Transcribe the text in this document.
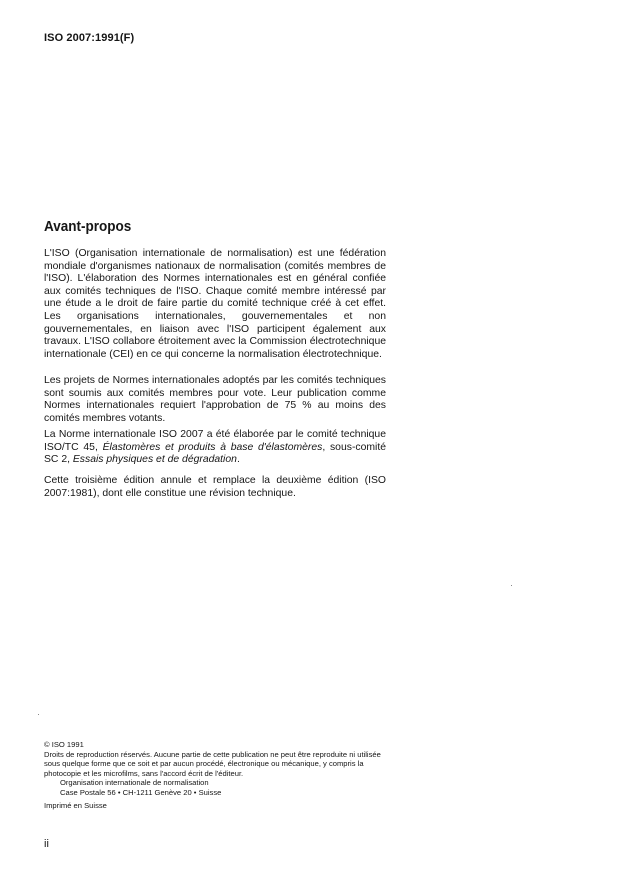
ISO 2007:1991(F)
Avant-propos

L'ISO (Organisation internationale de normalisation) est une fédération mondiale d'organismes nationaux de normalisation (comités membres de l'ISO). L'élaboration des Normes internationales est en général confiée aux comités techniques de l'ISO. Chaque comité membre intéressé par une étude a le droit de faire partie du comité technique créé à cet effet. Les organisations internationales, gouvernementales et non gouvernementales, en liaison avec l'ISO participent également aux travaux. L'ISO collabore étroitement avec la Commission électrotechnique internationale (CEI) en ce qui concerne la normalisation électrotechnique.

Les projets de Normes internationales adoptés par les comités techniques sont soumis aux comités membres pour vote. Leur publication comme Normes internationales requiert l'approbation de 75 % au moins des comités membres votants.

La Norme internationale ISO 2007 a été élaborée par le comité technique ISO/TC 45, Élastomères et produits à base d'élastomères, sous-comité SC 2, Essais physiques et de dégradation.

Cette troisième édition annule et remplace la deuxième édition (ISO 2007:1981), dont elle constitue une révision technique.

© ISO 1991
Droits de reproduction réservés. Aucune partie de cette publication ne peut être reproduite ni utilisée sous quelque forme que ce soit et par aucun procédé, électronique ou mécanique, y compris la photocopie et les microfilms, sans l'accord écrit de l'éditeur.
Organisation internationale de normalisation
Case Postale 56 • CH-1211 Genève 20 • Suisse
Imprimé en Suisse
ii
